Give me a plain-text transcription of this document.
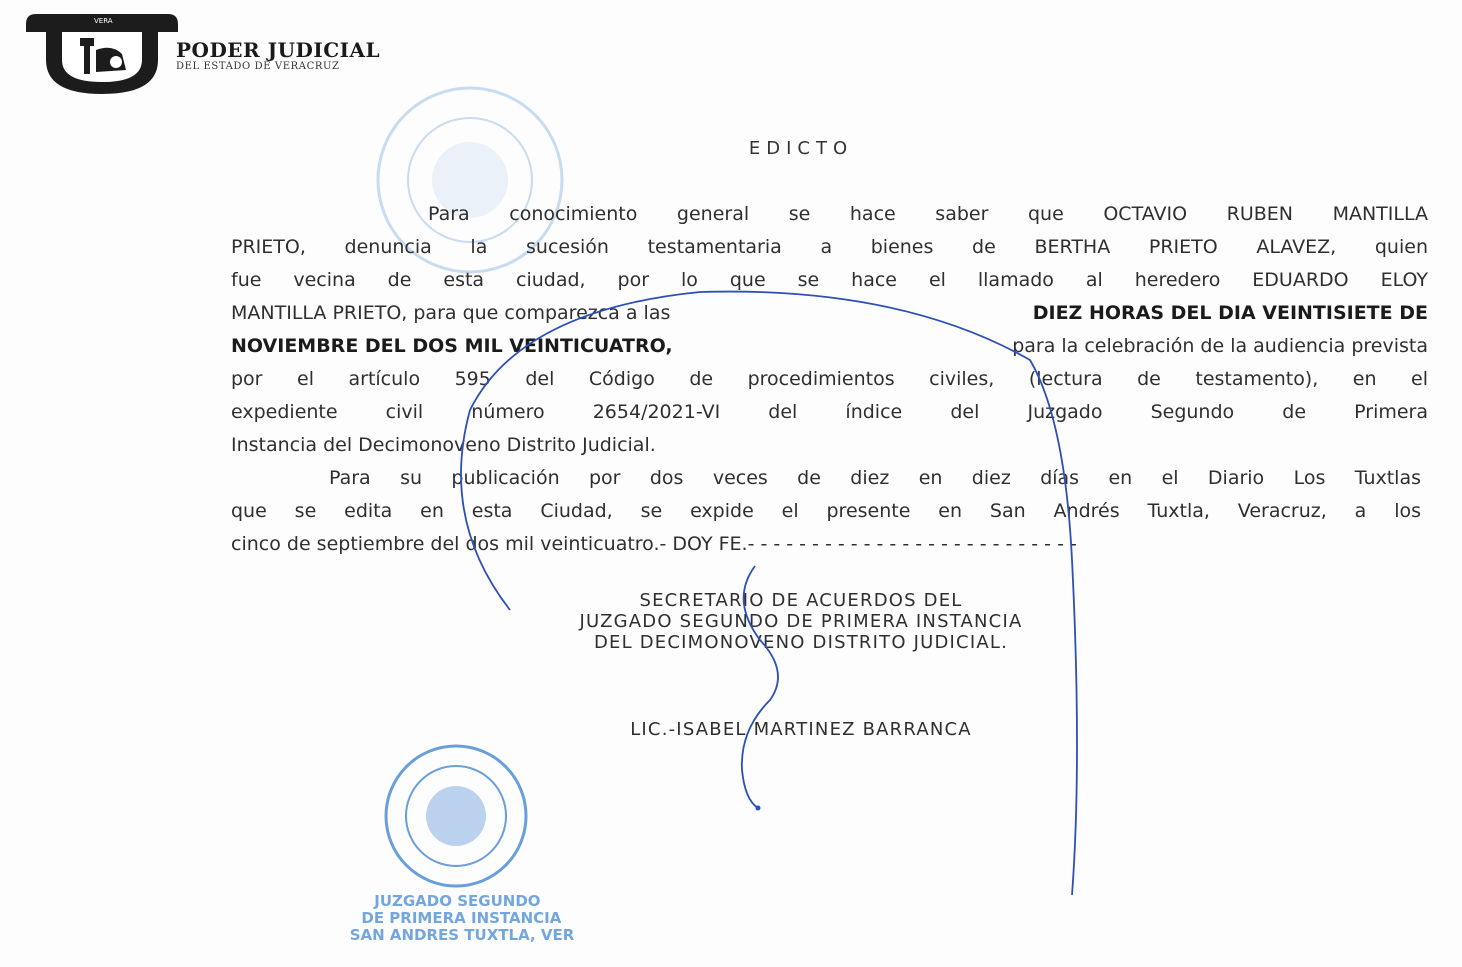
VERA
PODER JUDICIAL
DEL ESTADO DE VERACRUZ
EDICTO
Para conocimiento general se hace saber que OCTAVIO RUBEN MANTILLA
PRIETO, denuncia la sucesión testamentaria a bienes de BERTHA PRIETO ALAVEZ, quien
fue vecina de esta ciudad, por lo que se hace el llamado al heredero EDUARDO ELOY
MANTILLA PRIETO, para que comparezca a las	DIEZ HORAS DEL DIA VEINTISIETE DE
NOVIEMBRE DEL DOS MIL VEINTICUATRO,	para la celebración de la audiencia prevista
por el artículo 595 del Código de procedimientos civiles, (lectura de testamento), en el
expediente civil número 2654/2021-VI del índice del Juzgado Segundo de Primera
Instancia del Decimonoveno Distrito Judicial.
Para su publicación por dos veces de diez en diez días en el Diario Los Tuxtlas
que se edita en esta Ciudad, se expide el presente en San Andrés Tuxtla, Veracruz, a los
cinco de septiembre del dos mil veinticuatro.- DOY FE.- - - - - - - - - - - - - - - - - - - - - - - - - -
SECRETARIO DE ACUERDOS DEL
JUZGADO SEGUNDO DE PRIMERA INSTANCIA
DEL DECIMONOVENO DISTRITO JUDICIAL.
LIC.-ISABEL MARTINEZ BARRANCA
JUZGADO SEGUNDO DE PRIMERA INSTANCIA SAN ANDRES TUXTLA, VER
